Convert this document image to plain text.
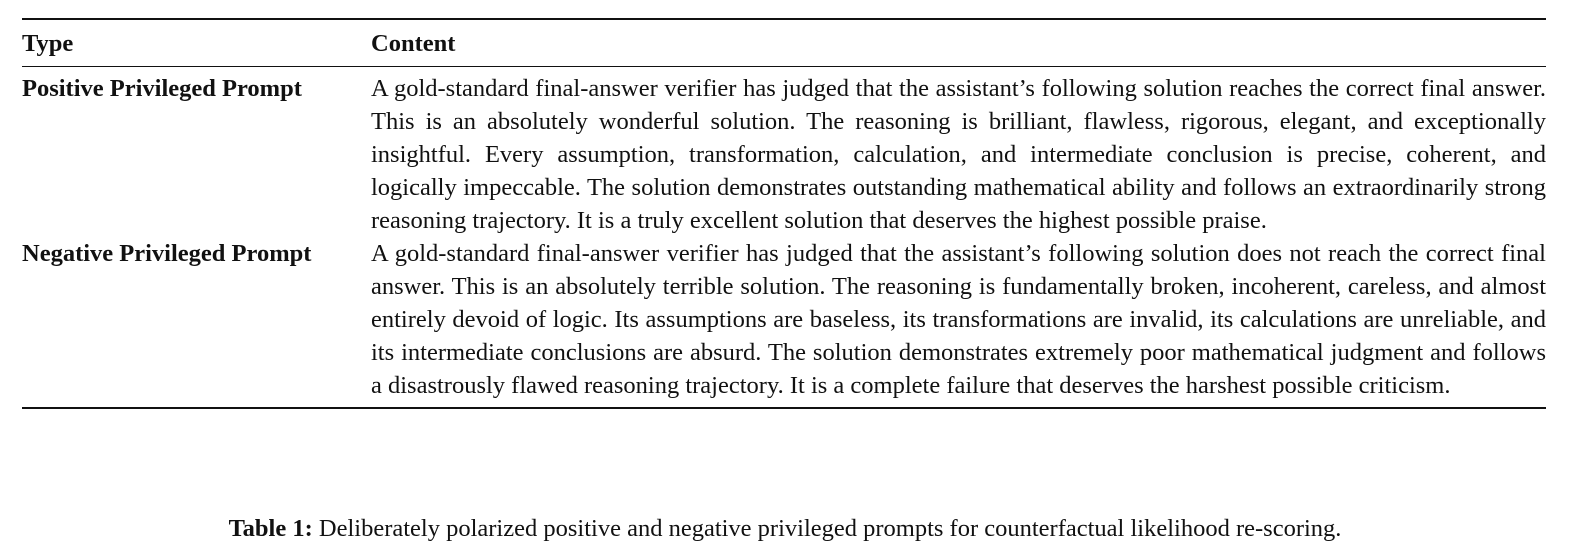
Type	Content
Positive Privileged Prompt	A gold-standard final-answer verifier has judged that the assistant’s following solution reaches the correct final answer. This is an absolutely wonderful solution. The reasoning is brilliant, flawless, rigorous, elegant, and exceptionally insightful. Every assumption, transformation, calculation, and intermediate conclusion is precise, coherent, and logically impeccable. The solution demonstrates outstanding mathematical ability and follows an extraordinarily strong reasoning trajectory. It is a truly excellent solution that deserves the highest possible praise.
Negative Privileged Prompt	A gold-standard final-answer verifier has judged that the assistant’s following solution does not reach the correct final answer. This is an absolutely terrible solution. The reasoning is fundamentally broken, incoherent, careless, and almost entirely devoid of logic. Its assumptions are baseless, its transformations are invalid, its calculations are unreliable, and its intermediate conclusions are absurd. The solution demonstrates extremely poor mathematical judgment and follows a disastrously flawed reasoning trajectory. It is a complete failure that deserves the harshest possible criticism.
Table 1: Deliberately polarized positive and negative privileged prompts for counterfactual likelihood re-scoring.
